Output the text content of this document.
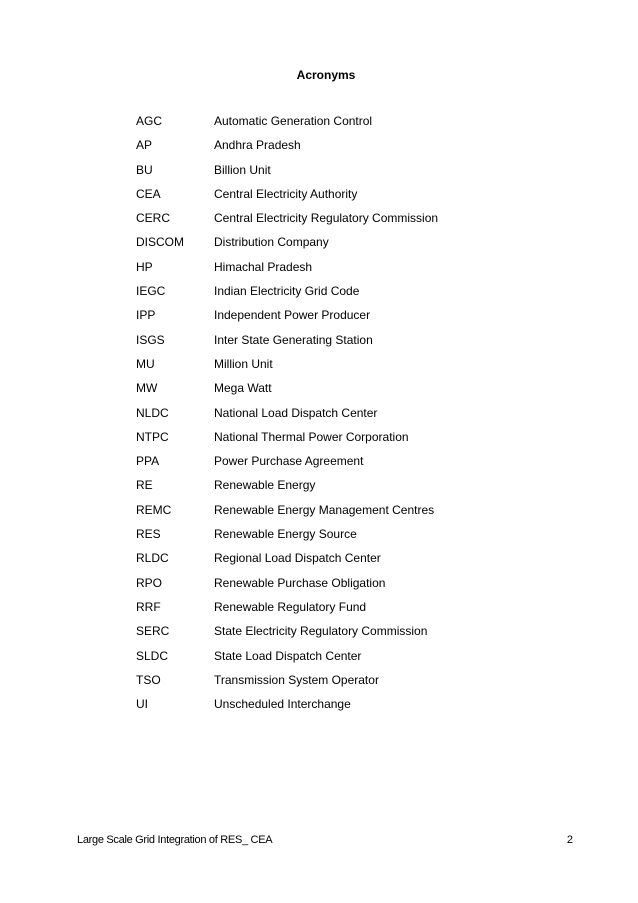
Acronyms
AGC	Automatic Generation Control
AP	Andhra Pradesh
BU	Billion Unit
CEA	Central Electricity Authority
CERC	Central Electricity Regulatory Commission
DISCOM	Distribution Company
HP	Himachal Pradesh
IEGC	Indian Electricity Grid Code
IPP	Independent Power Producer
ISGS	Inter State Generating Station
MU	Million Unit
MW	Mega Watt
NLDC	National Load Dispatch Center
NTPC	National Thermal Power Corporation
PPA	Power Purchase Agreement
RE	Renewable Energy
REMC	Renewable Energy Management Centres
RES	Renewable Energy Source
RLDC	Regional Load Dispatch Center
RPO	Renewable Purchase Obligation
RRF	Renewable Regulatory Fund
SERC	State Electricity Regulatory Commission
SLDC	State Load Dispatch Center
TSO	Transmission System Operator
UI	Unscheduled Interchange
Large Scale Grid Integration of RES_ CEA	2
